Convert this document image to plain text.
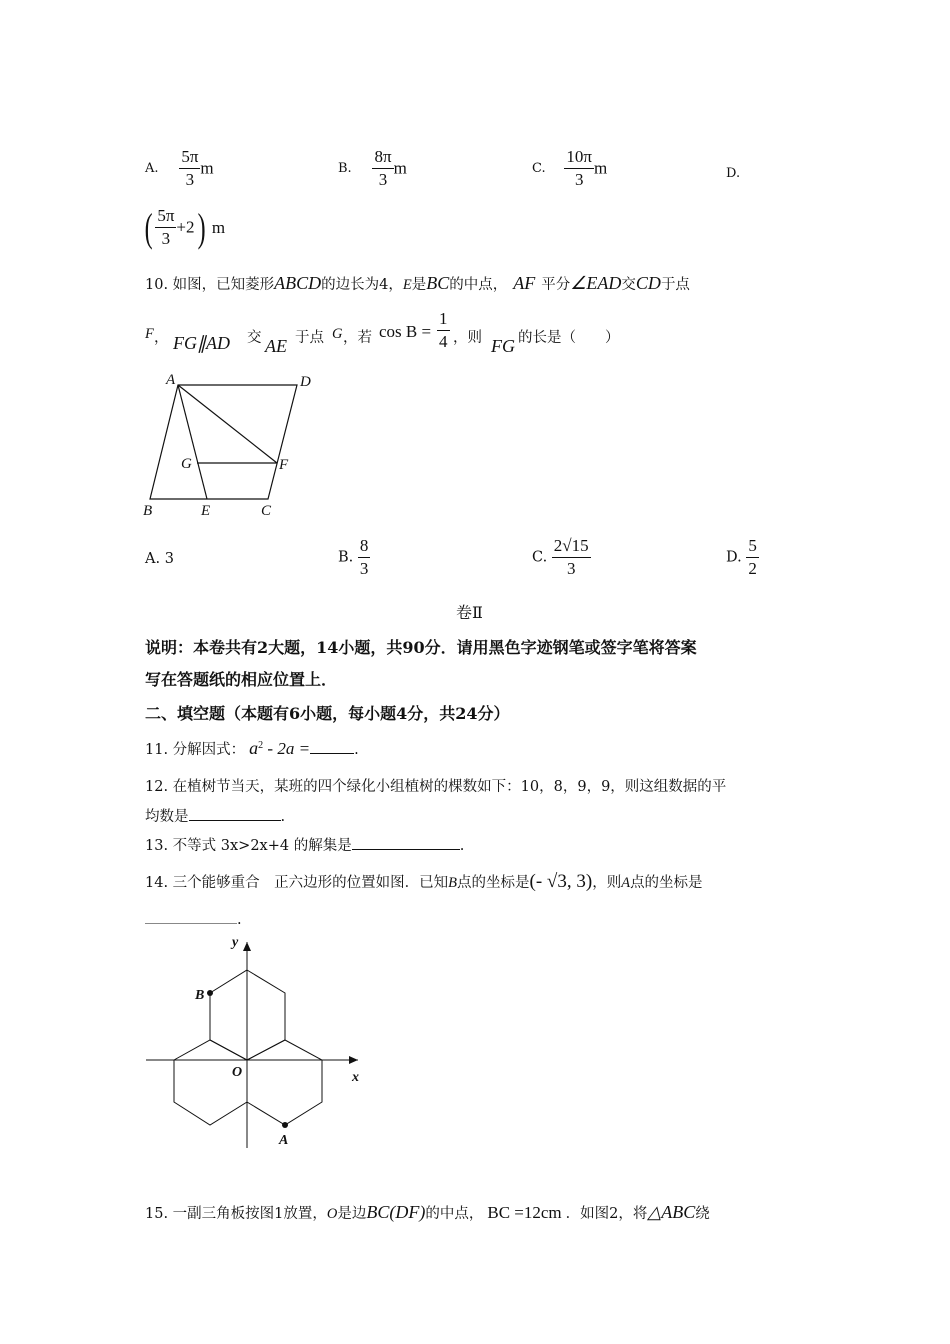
A. $\frac{5\pi}{3}$ m	B. $\frac{8\pi}{3}$ m	C. $\frac{10\pi}{3}$ m	D.
( $\frac{5\pi}{3} +2$) m
10. 如图，已知菱形ABCD的边长为4，E是BC的中点， AF 平分∠EAD交CD于点
F ， FG∥AD 交 AE 于点 G ，若 $\cos B = \frac{1}{4}$ ，则 FG 的长是（　　）
A	D
B	E	C
G	F
A. 3	B. $\frac{8}{3}$	C. $\frac{2√15}{3}$	D. $\frac{5}{2}$
卷Ⅱ
说明：本卷共有2大题，14小题，共90分．请用黑色字迹钢笔或签字笔将答案
写在答题纸的相应位置上．
二、填空题（本题有6小题，每小题4分，共24分）
11. 分解因式： $a^2 - 2a$ =	.
12. 在植树节当天，某班的四个绿化小组植树的棵数如下：10，8，9，9，则这组数据的平
均数是	.
13. 不等式 3x>2x+4 的解集是	.
14. 三个能够重合　正六边形的位置如图．已知B点的坐标是(- √3, 3)，则A点的坐标是
.
y
x
O
B
A
15. 一副三角板按图1放置，O是边BC(DF)的中点， BC =12cm ．如图2，将△ABC绕
